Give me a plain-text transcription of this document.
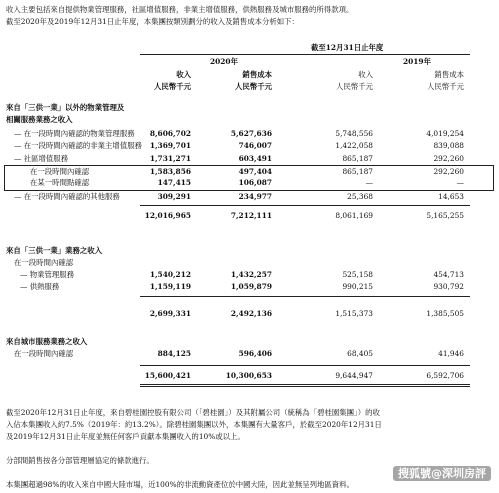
收入主要包括來自提供物業管理服務，社區增值服務，非業主增值服務，供熱服務及城市服務的所得款項。
截至2020年及2019年12月31日止年度，本集團按類別劃分的收入及銷售成本分析如下：
截至12月31日止年度
2020年	2019年
收入	銷售成本	收入	銷售成本
人民幣千元	人民幣千元	人民幣千元	人民幣千元
來自「三供一業」以外的物業管理及
相關服務業務之收入
— 在一段時間內確認的物業管理服務 8,606,702	5,627,636	5,748,556	4,019,254
— 在一段時間內確認的非業主增值服務 1,369,701	746,007	1,422,058	839,088
— 社區增值服務	1,731,271	603,491	865,187	292,260
在一段時間內確認	1,583,856	497,404	865,187	292,260
在某一時間點確認	147,415	106,087	—	—
— 在一段時間內確認的其他服務	309,291	234,977	25,368	14,653
12,016,965	7,212,111	8,061,169	5,165,255
來自「三供一業」業務之收入
在一段時間內確認
— 物業管理服務	1,540,212	1,432,257	525,158	454,713
— 供熱服務	1,159,119	1,059,879	990,215	930,792
2,699,331	2,492,136	1,515,373	1,385,505
來自城市服務業務之收入
在一段時間內確認	884,125	596,406	68,405	41,946
15,600,421	10,300,653	9,644,947	6,592,706
截至2020年12月31日止年度，來自碧桂園控股有限公司（「碧桂園」）及其附屬公司（統稱為「碧桂園集團」）的收
入佔本集團收入約7.5%（2019年：約13.2%）。除碧桂園集團以外，本集團有大量客戶，於截至2020年12月31日
及2019年12月31日止年度並無任何客戶貢獻本集團收入的10%或以上。
分部間銷售按各分部管理層協定的條款進行。
本集團超過98%的收入來自中國大陸市場，近100%的非流動資產位於中國大陸，因此並無呈列地區資料。
搜狐號@深圳房評
